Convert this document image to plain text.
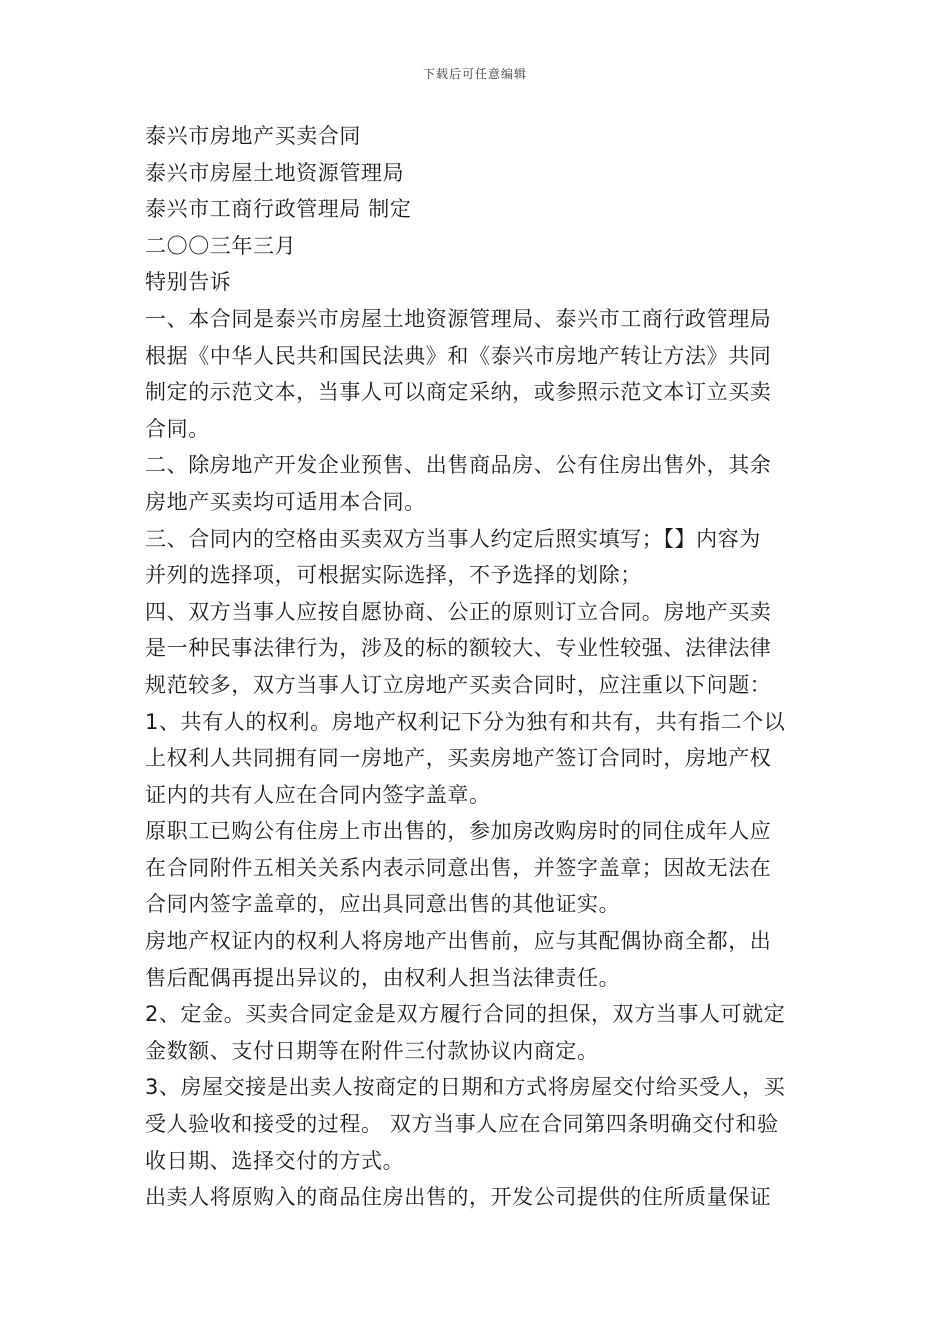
下载后可任意编辑
泰兴市房地产买卖合同
泰兴市房屋土地资源管理局
泰兴市工商行政管理局 制定
二〇〇三年三月
特别告诉
一、本合同是泰兴市房屋土地资源管理局、泰兴市工商行政管理局
根据《中华人民共和国民法典》和《泰兴市房地产转让方法》共同
制定的示范文本，当事人可以商定采纳，或参照示范文本订立买卖
合同。
二、除房地产开发企业预售、出售商品房、公有住房出售外，其余
房地产买卖均可适用本合同。
三、合同内的空格由买卖双方当事人约定后照实填写；【】内容为
并列的选择项，可根据实际选择，不予选择的划除；
四、双方当事人应按自愿协商、公正的原则订立合同。房地产买卖
是一种民事法律行为，涉及的标的额较大、专业性较强、法律法律
规范较多，双方当事人订立房地产买卖合同时，应注重以下问题：
1、共有人的权利。房地产权利记下分为独有和共有，共有指二个以
上权利人共同拥有同一房地产，买卖房地产签订合同时，房地产权
证内的共有人应在合同内签字盖章。
原职工已购公有住房上市出售的，参加房改购房时的同住成年人应
在合同附件五相关关系内表示同意出售，并签字盖章；因故无法在
合同内签字盖章的，应出具同意出售的其他证实。
房地产权证内的权利人将房地产出售前，应与其配偶协商全都，出
售后配偶再提出异议的，由权利人担当法律责任。
2、定金。买卖合同定金是双方履行合同的担保，双方当事人可就定
金数额、支付日期等在附件三付款协议内商定。
3、房屋交接是出卖人按商定的日期和方式将房屋交付给买受人，买
受人验收和接受的过程。 双方当事人应在合同第四条明确交付和验
收日期、选择交付的方式。
出卖人将原购入的商品住房出售的，开发公司提供的住所质量保证
